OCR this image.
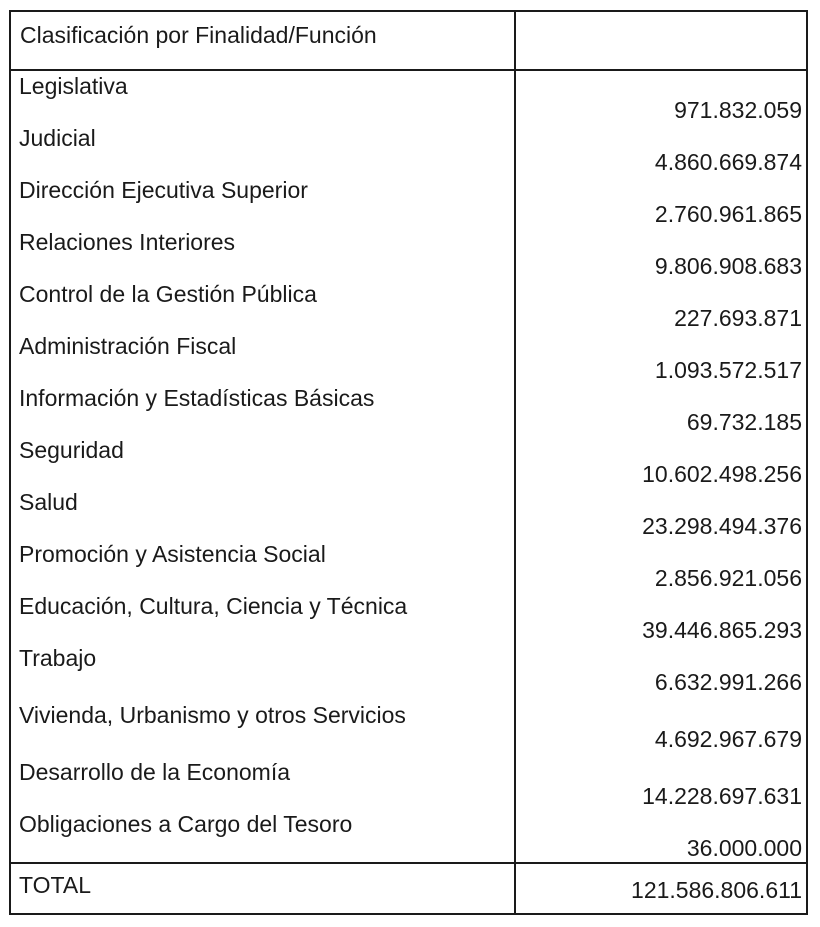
Clasificación por Finalidad/Función
Legislativa
971.832.059
Judicial
4.860.669.874
Dirección Ejecutiva Superior
2.760.961.865
Relaciones Interiores
9.806.908.683
Control de la Gestión Pública
227.693.871
Administración Fiscal
1.093.572.517
Información y Estadísticas Básicas
69.732.185
Seguridad
10.602.498.256
Salud
23.298.494.376
Promoción y Asistencia Social
2.856.921.056
Educación, Cultura, Ciencia y Técnica
39.446.865.293
Trabajo
6.632.991.266
Vivienda, Urbanismo y otros Servicios
4.692.967.679
Desarrollo de la Economía
14.228.697.631
Obligaciones a Cargo del Tesoro
36.000.000
TOTAL	121.586.806.611
